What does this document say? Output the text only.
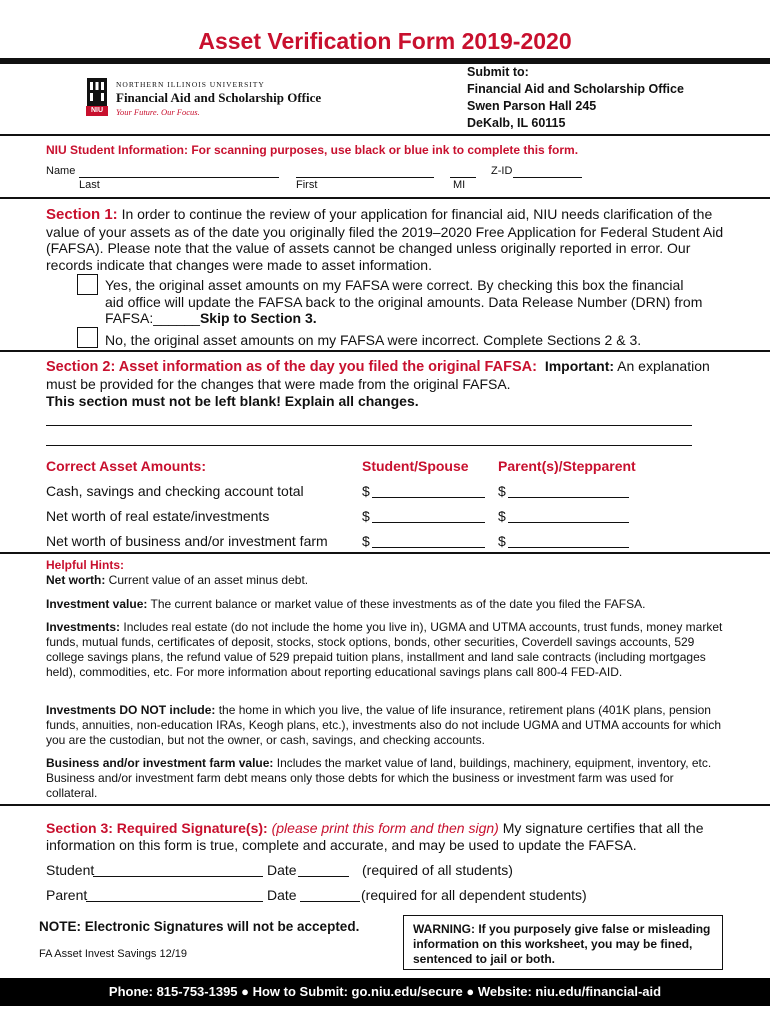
Asset Verification Form 2019-2020
NIU
NORTHERN ILLINOIS UNIVERSITY
Financial Aid and Scholarship Office
Your Future. Our Focus.
Submit to:
Financial Aid and Scholarship Office
Swen Parson Hall 245
DeKalb, IL 60115
NIU Student Information: For scanning purposes, use black or blue ink to complete this form.
Name	Z-ID
Last	First	MI
Section 1: In order to continue the review of your application for financial aid, NIU needs clarification of the value of your assets as of the date you originally filed the 2019–2020 Free Application for Federal Student Aid (FAFSA). Please note that the value of assets cannot be changed unless originally reported in error. Our records indicate that changes were made to asset information.
Yes, the original asset amounts on my FAFSA were correct. By checking this box the financial aid office will update the FAFSA back to the original amounts. Data Release Number (DRN) from FAFSA:______Skip to Section 3.
No, the original asset amounts on my FAFSA were incorrect. Complete Sections 2 & 3.
Section 2: Asset information as of the day you filed the original FAFSA: Important: An explanation must be provided for the changes that were made from the original FAFSA.
This section must not be left blank! Explain all changes.
Correct Asset Amounts:	Student/Spouse Parent(s)/Stepparent
Cash, savings and checking account total	$	$
Net worth of real estate/investments	$	$
Net worth of business and/or investment farm $	$
Helpful Hints:
Net worth: Current value of an asset minus debt.
Investment value: The current balance or market value of these investments as of the date you filed the FAFSA.
Investments: Includes real estate (do not include the home you live in), UGMA and UTMA accounts, trust funds, money market funds, mutual funds, certificates of deposit, stocks, stock options, bonds, other securities, Coverdell savings accounts, 529 college savings plans, the refund value of 529 prepaid tuition plans, installment and land sale contracts (including mortgages held), commodities, etc. For more information about reporting educational savings plans call 800-4 FED-AID.
Investments DO NOT include: the home in which you live, the value of life insurance, retirement plans (401K plans, pension funds, annuities, non-education IRAs, Keogh plans, etc.), investments also do not include UGMA and UTMA accounts for which you are the custodian, but not the owner, or cash, savings, and checking accounts.
Business and/or investment farm value: Includes the market value of land, buildings, machinery, equipment, inventory, etc. Business and/or investment farm debt means only those debts for which the business or investment farm was used for collateral.
Section 3: Required Signature(s): (please print this form and then sign) My signature certifies that all the information on this form is true, complete and accurate, and may be used to update the FAFSA.
Student	Date	(required of all students)
Parent	Date	(required for all dependent students)
NOTE: Electronic Signatures will not be accepted.
FA Asset Invest Savings 12/19
WARNING: If you purposely give false or misleading information on this worksheet, you may be fined, sentenced to jail or both.
Phone: 815-753-1395 ● How to Submit: go.niu.edu/secure ● Website: niu.edu/financial-aid
